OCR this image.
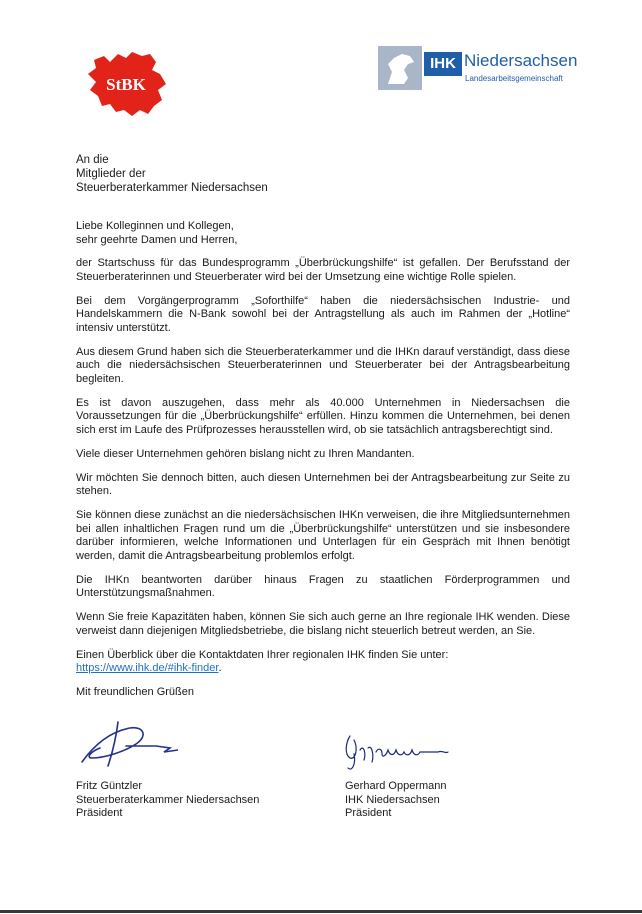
StBK
IHK Niedersachsen
Landesarbeitsgemeinschaft
An die
Mitglieder der
Steuerberaterkammer Niedersachsen
Liebe Kolleginnen und Kollegen,
sehr geehrte Damen und Herren,

der Startschuss für das Bundesprogramm „Überbrückungshilfe“ ist gefallen. Der Berufsstand der Steuerberaterinnen und Steuerberater wird bei der Umsetzung eine wichtige Rolle spielen.

Bei dem Vorgängerprogramm „Soforthilfe“ haben die niedersächsischen Industrie- und Handelskammern die N-Bank sowohl bei der Antragstellung als auch im Rahmen der „Hotline“ intensiv unterstützt.

Aus diesem Grund haben sich die Steuerberaterkammer und die IHKn darauf verständigt, dass diese auch die niedersächsischen Steuerberaterinnen und Steuerberater bei der Antragsbearbeitung begleiten.

Es ist davon auszugehen, dass mehr als 40.000 Unternehmen in Niedersachsen die Voraussetzungen für die „Überbrückungshilfe“ erfüllen. Hinzu kommen die Unternehmen, bei denen sich erst im Laufe des Prüfprozesses herausstellen wird, ob sie tatsächlich antragsberechtigt sind.

Viele dieser Unternehmen gehören bislang nicht zu Ihren Mandanten.

Wir möchten Sie dennoch bitten, auch diesen Unternehmen bei der Antragsbearbeitung zur Seite zu stehen.

Sie können diese zunächst an die niedersächsischen IHKn verweisen, die ihre Mitgliedsunternehmen bei allen inhaltlichen Fragen rund um die „Überbrückungshilfe“ unterstützen und sie insbesondere darüber informieren, welche Informationen und Unterlagen für ein Gespräch mit Ihnen benötigt werden, damit die Antragsbearbeitung problemlos erfolgt.

Die IHKn beantworten darüber hinaus Fragen zu staatlichen Förderprogrammen und Unterstützungsmaßnahmen.

Wenn Sie freie Kapazitäten haben, können Sie sich auch gerne an Ihre regionale IHK wenden. Diese verweist dann diejenigen Mitgliedsbetriebe, die bislang nicht steuerlich betreut werden, an Sie.

Einen Überblick über die Kontaktdaten Ihrer regionalen IHK finden Sie unter:
https://www.ihk.de/#ihk-finder.

Mit freundlichen Grüßen
Fritz Güntzler
Steuerberaterkammer Niedersachsen
Präsident
Gerhard Oppermann
IHK Niedersachsen
Präsident
